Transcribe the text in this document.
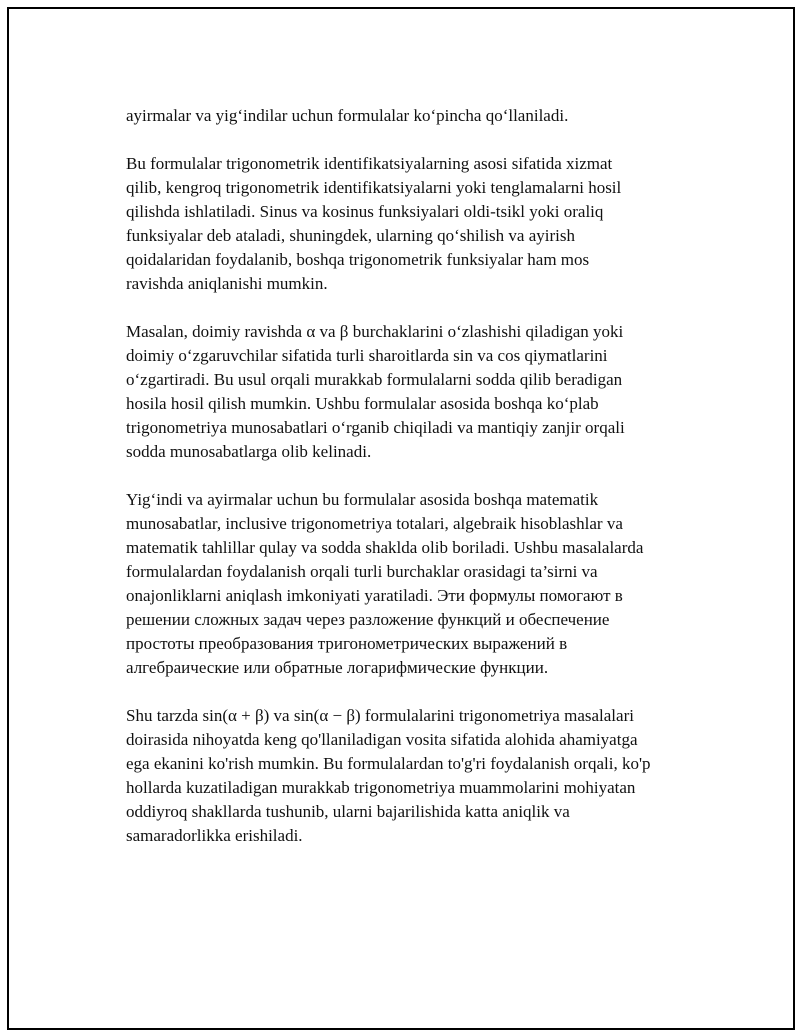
ayirmalar va yig‘indilar uchun formulalar ko‘pincha qo‘llaniladi.
Bu formulalar trigonometrik identifikatsiyalarning asosi sifatida xizmat
qilib, kengroq trigonometrik identifikatsiyalarni yoki tenglamalarni hosil
qilishda ishlatiladi. Sinus va kosinus funksiyalari oldi-tsikl yoki oraliq
funksiyalar deb ataladi, shuningdek, ularning qo‘shilish va ayirish
qoidalaridan foydalanib, boshqa trigonometrik funksiyalar ham mos
ravishda aniqlanishi mumkin.
Masalan, doimiy ravishda α va β burchaklarini o‘zlashishi qiladigan yoki
doimiy o‘zgaruvchilar sifatida turli sharoitlarda sin va cos qiymatlarini
o‘zgartiradi. Bu usul orqali murakkab formulalarni sodda qilib beradigan
hosila hosil qilish mumkin. Ushbu formulalar asosida boshqa ko‘plab
trigonometriya munosabatlari o‘rganib chiqiladi va mantiqiy zanjir orqali
sodda munosabatlarga olib kelinadi.
Yig‘indi va ayirmalar uchun bu formulalar asosida boshqa matematik
munosabatlar, inclusive trigonometriya totalari, algebraik hisoblashlar va
matematik tahlillar qulay va sodda shaklda olib boriladi. Ushbu masalalarda
formulalardan foydalanish orqali turli burchaklar orasidagi ta’sirni va
onajonliklarni aniqlash imkoniyati yaratiladi. Эти формулы помогают в
решении сложных задач через разложение функций и обеспечение
простоты преобразования тригонометрических выражений в
алгебраические или обратные логарифмические функции.
Shu tarzda sin(α + β) va sin(α − β) formulalarini trigonometriya masalalari
doirasida nihoyatda keng qo'llaniladigan vosita sifatida alohida ahamiyatga
ega ekanini ko'rish mumkin. Bu formulalardan to'g'ri foydalanish orqali, ko'p
hollarda kuzatiladigan murakkab trigonometriya muammolarini mohiyatan
oddiyroq shakllarda tushunib, ularni bajarilishida katta aniqlik va
samaradorlikka erishiladi.
